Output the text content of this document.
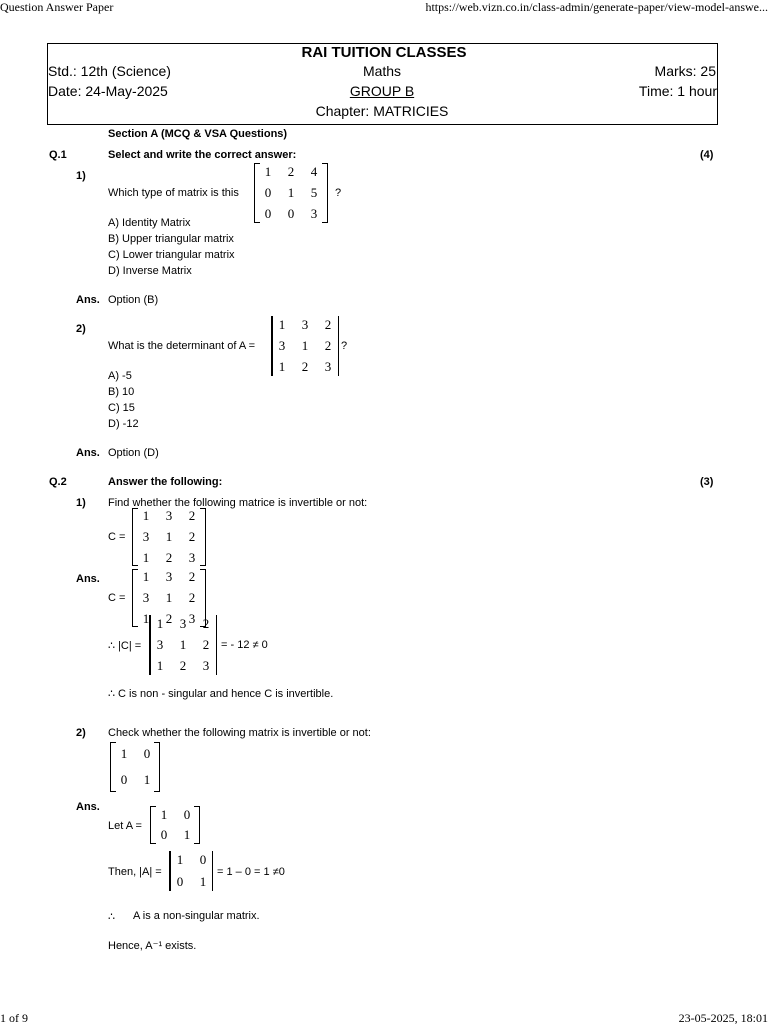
Question Answer Paper	https://web.vizn.co.in/class-admin/generate-paper/view-model-answe...
RAI TUITION CLASSES
Std.: 12th (Science)	Maths	Marks: 25
Date: 24-May-2025	GROUP B	Time: 1 hour
Chapter: MATRICIES
Section A (MCQ & VSA Questions)
Q.1	Select and write the correct answer:	(4)
1)
Which type of matrix is this
1	2	4
0	1	5
0	0	3
?
A) Identity Matrix
B) Upper triangular matrix
C) Lower triangular matrix
D) Inverse Matrix
Ans. Option (B)
2)
What is the determinant of A =
1	3	2
3	1	2
1	2	3
?
A) -5
B) 10
C) 15
D) -12
Ans. Option (D)
Q.2	Answer the following:	(3)
1) Find whether the following matrice is invertible or not:
C =
1	3	2
3	1	2
1	2	3
Ans.
C =
1	3	2
3	1	2
1	2	3
∴ |C| =
1	3	2
3	1	2
1	2	3
= - 12 ≠ 0
∴ C is non - singular and hence C is invertible.
2) Check whether the following matrix is invertible or not:
1	0
0	1
Ans.
Let A =
1	0
0	1
Then, |A| =
1	0
0	1
= 1 – 0 = 1 ≠0
∴ A is a non-singular matrix.
Hence, A⁻¹ exists.
1 of 9	23-05-2025, 18:01
